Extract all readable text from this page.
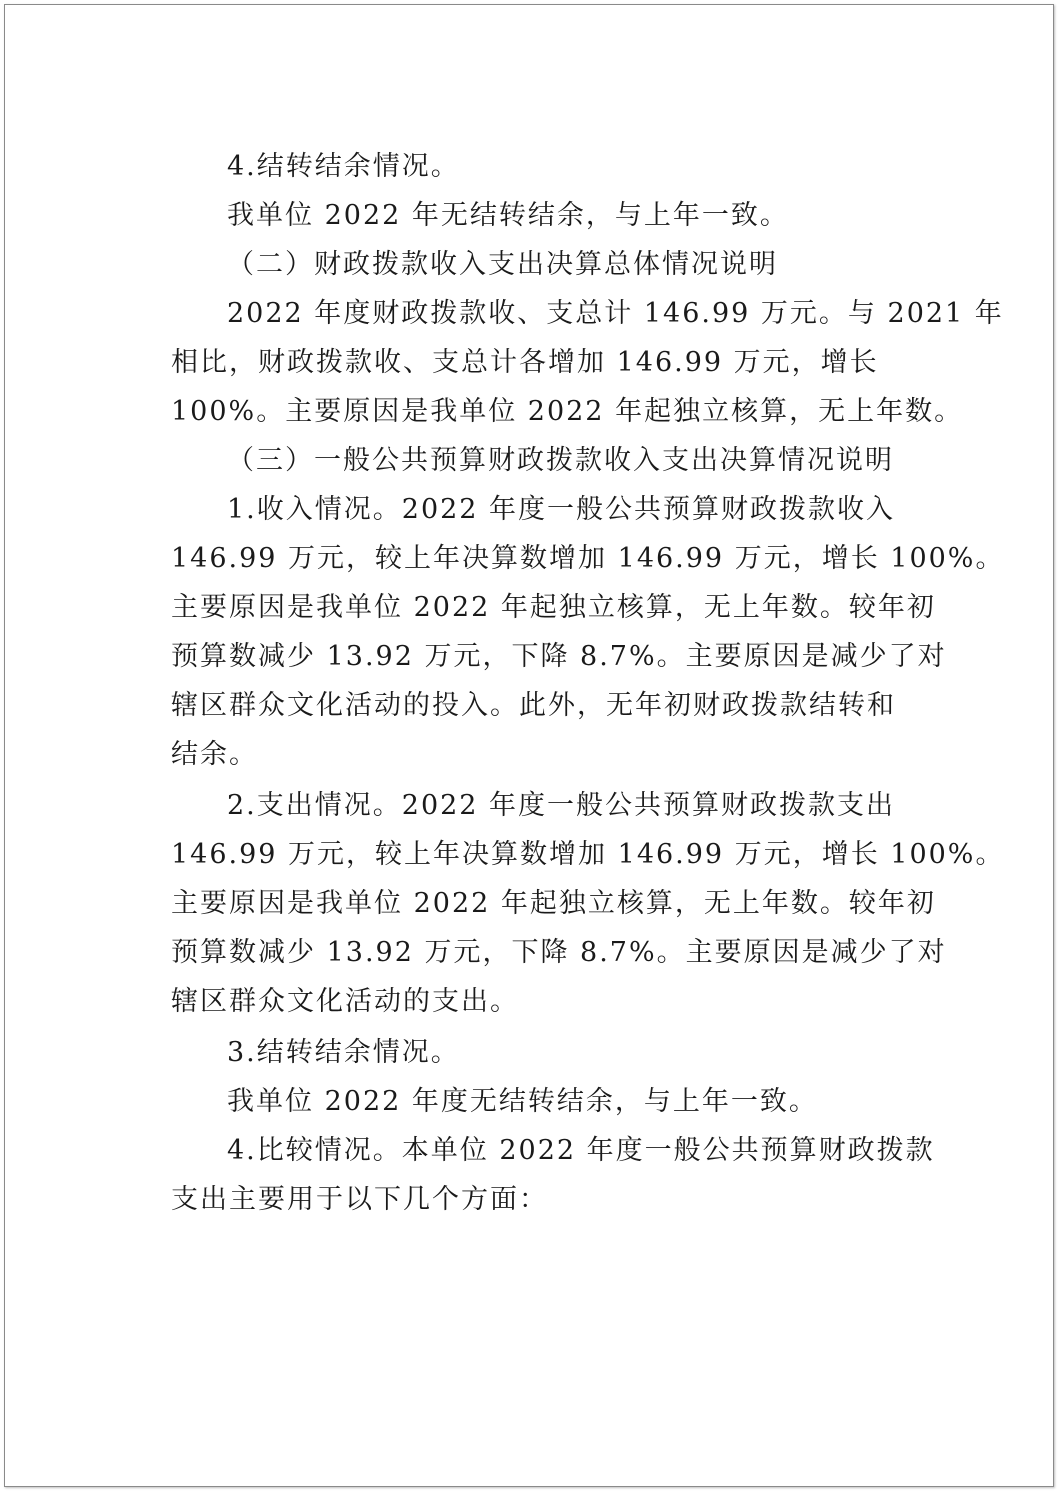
4.结转结余情况。
我单位 2022 年无结转结余，与上年一致。
（二）财政拨款收入支出决算总体情况说明
2022 年度财政拨款收、支总计 146.99 万元。与 2021 年
相比，财政拨款收、支总计各增加 146.99 万元，增长
100%。主要原因是我单位 2022 年起独立核算，无上年数。
（三）一般公共预算财政拨款收入支出决算情况说明
1.收入情况。2022 年度一般公共预算财政拨款收入
146.99 万元，较上年决算数增加 146.99 万元，增长 100%。
主要原因是我单位 2022 年起独立核算，无上年数。较年初
预算数减少 13.92 万元，下降 8.7%。主要原因是减少了对
辖区群众文化活动的投入。此外，无年初财政拨款结转和
结余。
2.支出情况。2022 年度一般公共预算财政拨款支出
146.99 万元，较上年决算数增加 146.99 万元，增长 100%。
主要原因是我单位 2022 年起独立核算，无上年数。较年初
预算数减少 13.92 万元，下降 8.7%。主要原因是减少了对
辖区群众文化活动的支出。
3.结转结余情况。
我单位 2022 年度无结转结余，与上年一致。
4.比较情况。本单位 2022 年度一般公共预算财政拨款
支出主要用于以下几个方面：
